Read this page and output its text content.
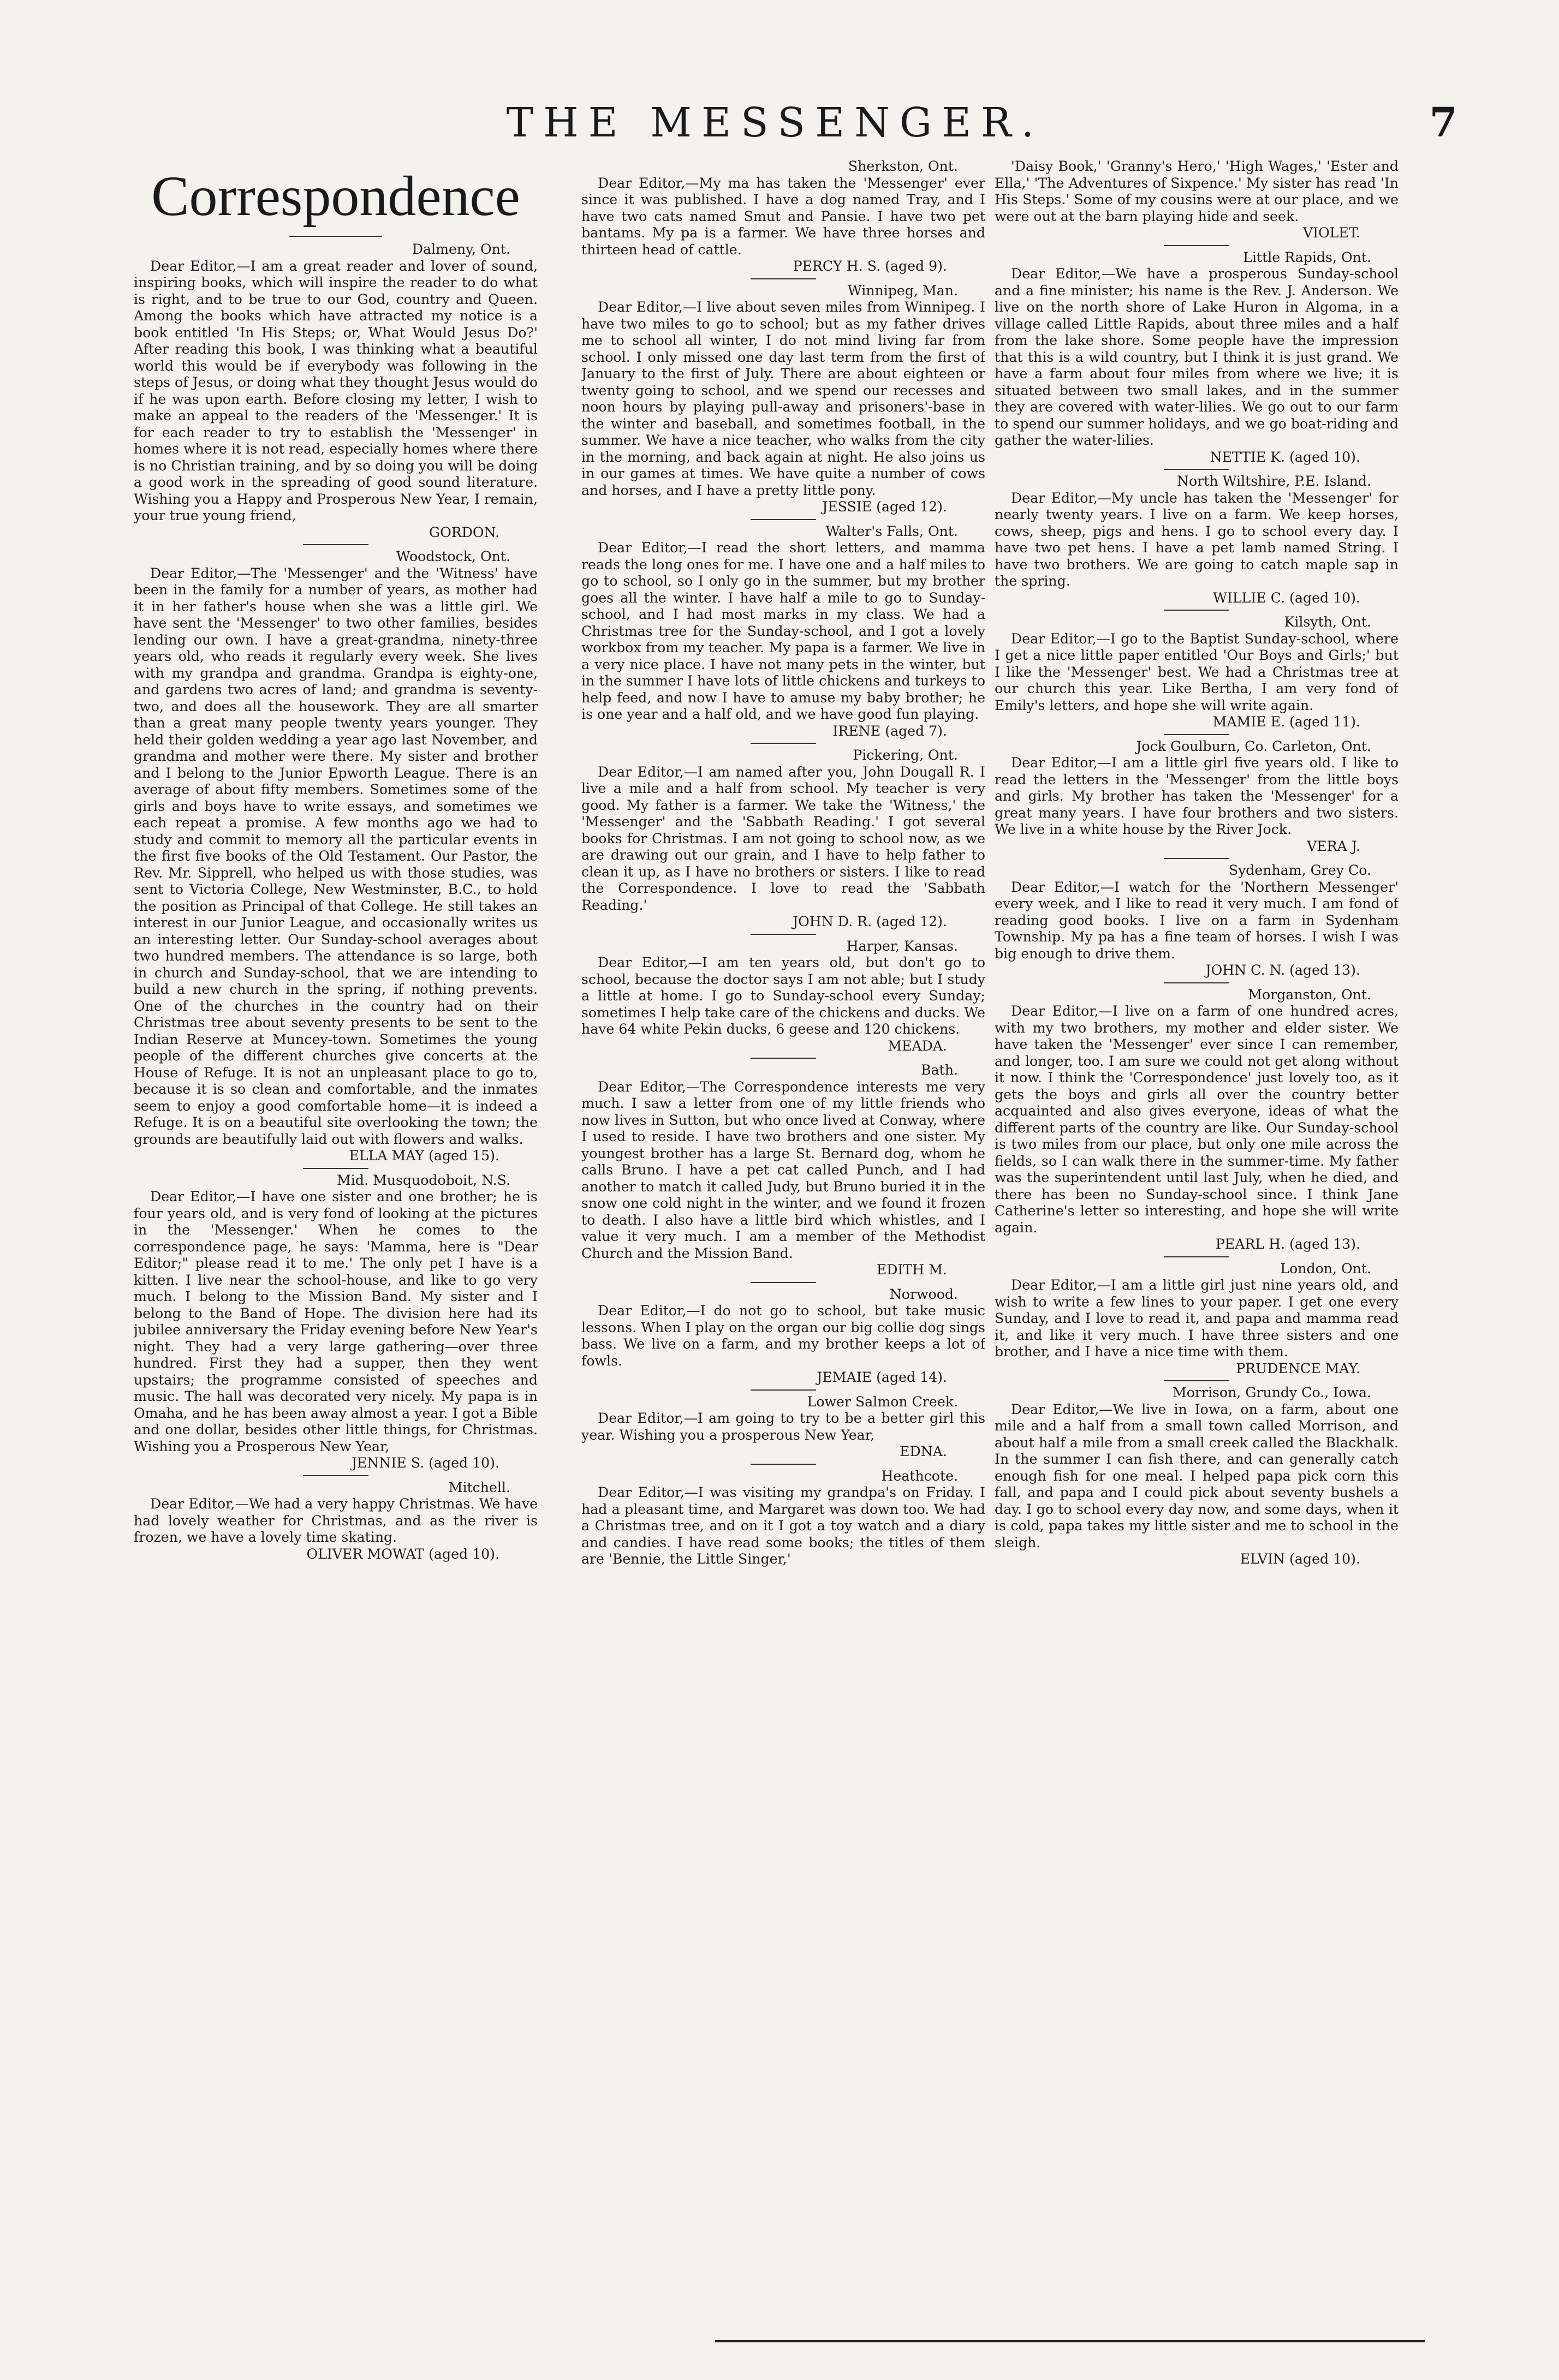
THE MESSENGER.	7
Correspondence
Dalmeny, Ont.
Dear Editor,—I am a great reader and lover of sound, inspiring books, which will inspire the reader to do what is right, and to be true to our God, country and Queen. Among the books which have attracted my notice is a book entitled 'In His Steps; or, What Would Jesus Do?' After reading this book, I was thinking what a beautiful world this would be if everybody was following in the steps of Jesus, or doing what they thought Jesus would do if he was upon earth. Before closing my letter, I wish to make an appeal to the readers of the 'Messenger.' It is for each reader to try to establish the 'Messenger' in homes where it is not read, especially homes where there is no Christian training, and by so doing you will be doing a good work in the spreading of good sound literature. Wishing you a Happy and Prosperous New Year, I remain, your true young friend,
GORDON.
Woodstock, Ont.
Dear Editor,—The 'Messenger' and the 'Witness' have been in the family for a number of years, as mother had it in her father's house when she was a little girl. We have sent the 'Messenger' to two other families, besides lending our own. I have a great-grandma, ninety-three years old, who reads it regularly every week. She lives with my grandpa and grandma. Grandpa is eighty-one, and gardens two acres of land; and grandma is seventy-two, and does all the housework. They are all smarter than a great many people twenty years younger. They held their golden wedding a year ago last November, and grandma and mother were there. My sister and brother and I belong to the Junior Epworth League. There is an average of about fifty members. Sometimes some of the girls and boys have to write essays, and sometimes we each repeat a promise. A few months ago we had to study and commit to memory all the particular events in the first five books of the Old Testament. Our Pastor, the Rev. Mr. Sipprell, who helped us with those studies, was sent to Victoria College, New Westminster, B.C., to hold the position as Principal of that College. He still takes an interest in our Junior League, and occasionally writes us an interesting letter. Our Sunday-school averages about two hundred members. The attendance is so large, both in church and Sunday-school, that we are intending to build a new church in the spring, if nothing prevents. One of the churches in the country had on their Christmas tree about seventy presents to be sent to the Indian Reserve at Muncey-town. Sometimes the young people of the different churches give concerts at the House of Refuge. It is not an unpleasant place to go to, because it is so clean and comfortable, and the inmates seem to enjoy a good comfortable home—it is indeed a Refuge. It is on a beautiful site overlooking the town; the grounds are beautifully laid out with flowers and walks.
ELLA MAY (aged 15).
Mid. Musquodoboit, N.S.
Dear Editor,—I have one sister and one brother; he is four years old, and is very fond of looking at the pictures in the 'Messenger.' When he comes to the correspondence page, he says: 'Mamma, here is "Dear Editor;" please read it to me.' The only pet I have is a kitten. I live near the school-house, and like to go very much. I belong to the Mission Band. My sister and I belong to the Band of Hope. The division here had its jubilee anniversary the Friday evening before New Year's night. They had a very large gathering—over three hundred. First they had a supper, then they went upstairs; the programme consisted of speeches and music. The hall was decorated very nicely. My papa is in Omaha, and he has been away almost a year. I got a Bible and one dollar, besides other little things, for Christmas. Wishing you a Prosperous New Year,
JENNIE S. (aged 10).
Mitchell.
Dear Editor,—We had a very happy Christmas. We have had lovely weather for Christmas, and as the river is frozen, we have a lovely time skating.
OLIVER MOWAT (aged 10).
Sherkston, Ont.
Dear Editor,—My ma has taken the 'Messenger' ever since it was published. I have a dog named Tray, and I have two cats named Smut and Pansie. I have two pet bantams. My pa is a farmer. We have three horses and thirteen head of cattle.
PERCY H. S. (aged 9).
Winnipeg, Man.
Dear Editor,—I live about seven miles from Winnipeg. I have two miles to go to school; but as my father drives me to school all winter, I do not mind living far from school. I only missed one day last term from the first of January to the first of July. There are about eighteen or twenty going to school, and we spend our recesses and noon hours by playing pull-away and prisoners'-base in the winter and baseball, and sometimes football, in the summer. We have a nice teacher, who walks from the city in the morning, and back again at night. He also joins us in our games at times. We have quite a number of cows and horses, and I have a pretty little pony.
JESSIE (aged 12).
Walter's Falls, Ont.
Dear Editor,—I read the short letters, and mamma reads the long ones for me. I have one and a half miles to go to school, so I only go in the summer, but my brother goes all the winter. I have half a mile to go to Sunday-school, and I had most marks in my class. We had a Christmas tree for the Sunday-school, and I got a lovely workbox from my teacher. My papa is a farmer. We live in a very nice place. I have not many pets in the winter, but in the summer I have lots of little chickens and turkeys to help feed, and now I have to amuse my baby brother; he is one year and a half old, and we have good fun playing.
IRENE (aged 7).
Pickering, Ont.
Dear Editor,—I am named after you, John Dougall R. I live a mile and a half from school. My teacher is very good. My father is a farmer. We take the 'Witness,' the 'Messenger' and the 'Sabbath Reading.' I got several books for Christmas. I am not going to school now, as we are drawing out our grain, and I have to help father to clean it up, as I have no brothers or sisters. I like to read the Correspondence. I love to read the 'Sabbath Reading.'
JOHN D. R. (aged 12).
Harper, Kansas.
Dear Editor,—I am ten years old, but don't go to school, because the doctor says I am not able; but I study a little at home. I go to Sunday-school every Sunday; sometimes I help take care of the chickens and ducks. We have 64 white Pekin ducks, 6 geese and 120 chickens.
MEADA.
Bath.
Dear Editor,—The Correspondence interests me very much. I saw a letter from one of my little friends who now lives in Sutton, but who once lived at Conway, where I used to reside. I have two brothers and one sister. My youngest brother has a large St. Bernard dog, whom he calls Bruno. I have a pet cat called Punch, and I had another to match it called Judy, but Bruno buried it in the snow one cold night in the winter, and we found it frozen to death. I also have a little bird which whistles, and I value it very much. I am a member of the Methodist Church and the Mission Band.
EDITH M.
Norwood.
Dear Editor,—I do not go to school, but take music lessons. When I play on the organ our big collie dog sings bass. We live on a farm, and my brother keeps a lot of fowls.
JEMAIE (aged 14).
Lower Salmon Creek.
Dear Editor,—I am going to try to be a better girl this year. Wishing you a prosperous New Year,
EDNA.
Heathcote.
Dear Editor,—I was visiting my grandpa's on Friday. I had a pleasant time, and Margaret was down too. We had a Christmas tree, and on it I got a toy watch and a diary and candies. I have read some books; the titles of them are 'Bennie, the Little Singer,'
'Daisy Book,' 'Granny's Hero,' 'High Wages,' 'Ester and Ella,' 'The Adventures of Sixpence.' My sister has read 'In His Steps.' Some of my cousins were at our place, and we were out at the barn playing hide and seek.
VIOLET.
Little Rapids, Ont.
Dear Editor,—We have a prosperous Sunday-school and a fine minister; his name is the Rev. J. Anderson. We live on the north shore of Lake Huron in Algoma, in a village called Little Rapids, about three miles and a half from the lake shore. Some people have the impression that this is a wild country, but I think it is just grand. We have a farm about four miles from where we live; it is situated between two small lakes, and in the summer they are covered with water-lilies. We go out to our farm to spend our summer holidays, and we go boat-riding and gather the water-lilies.
NETTIE K. (aged 10).
North Wiltshire, P.E. Island.
Dear Editor,—My uncle has taken the 'Messenger' for nearly twenty years. I live on a farm. We keep horses, cows, sheep, pigs and hens. I go to school every day. I have two pet hens. I have a pet lamb named String. I have two brothers. We are going to catch maple sap in the spring.
WILLIE C. (aged 10).
Kilsyth, Ont.
Dear Editor,—I go to the Baptist Sunday-school, where I get a nice little paper entitled 'Our Boys and Girls;' but I like the 'Messenger' best. We had a Christmas tree at our church this year. Like Bertha, I am very fond of Emily's letters, and hope she will write again.
MAMIE E. (aged 11).
Jock Goulburn, Co. Carleton, Ont.
Dear Editor,—I am a little girl five years old. I like to read the letters in the 'Messenger' from the little boys and girls. My brother has taken the 'Messenger' for a great many years. I have four brothers and two sisters. We live in a white house by the River Jock.
VERA J.
Sydenham, Grey Co.
Dear Editor,—I watch for the 'Northern Messenger' every week, and I like to read it very much. I am fond of reading good books. I live on a farm in Sydenham Township. My pa has a fine team of horses. I wish I was big enough to drive them.
JOHN C. N. (aged 13).
Morganston, Ont.
Dear Editor,—I live on a farm of one hundred acres, with my two brothers, my mother and elder sister. We have taken the 'Messenger' ever since I can remember, and longer, too. I am sure we could not get along without it now. I think the 'Correspondence' just lovely too, as it gets the boys and girls all over the country better acquainted and also gives everyone, ideas of what the different parts of the country are like. Our Sunday-school is two miles from our place, but only one mile across the fields, so I can walk there in the summer-time. My father was the superintendent until last July, when he died, and there has been no Sunday-school since. I think Jane Catherine's letter so interesting, and hope she will write again.
PEARL H. (aged 13).
London, Ont.
Dear Editor,—I am a little girl just nine years old, and wish to write a few lines to your paper. I get one every Sunday, and I love to read it, and papa and mamma read it, and like it very much. I have three sisters and one brother, and I have a nice time with them.
PRUDENCE MAY.
Morrison, Grundy Co., Iowa.
Dear Editor,—We live in Iowa, on a farm, about one mile and a half from a small town called Morrison, and about half a mile from a small creek called the Blackhalk. In the summer I can fish there, and can generally catch enough fish for one meal. I helped papa pick corn this fall, and papa and I could pick about seventy bushels a day. I go to school every day now, and some days, when it is cold, papa takes my little sister and me to school in the sleigh.
ELVIN (aged 10).
